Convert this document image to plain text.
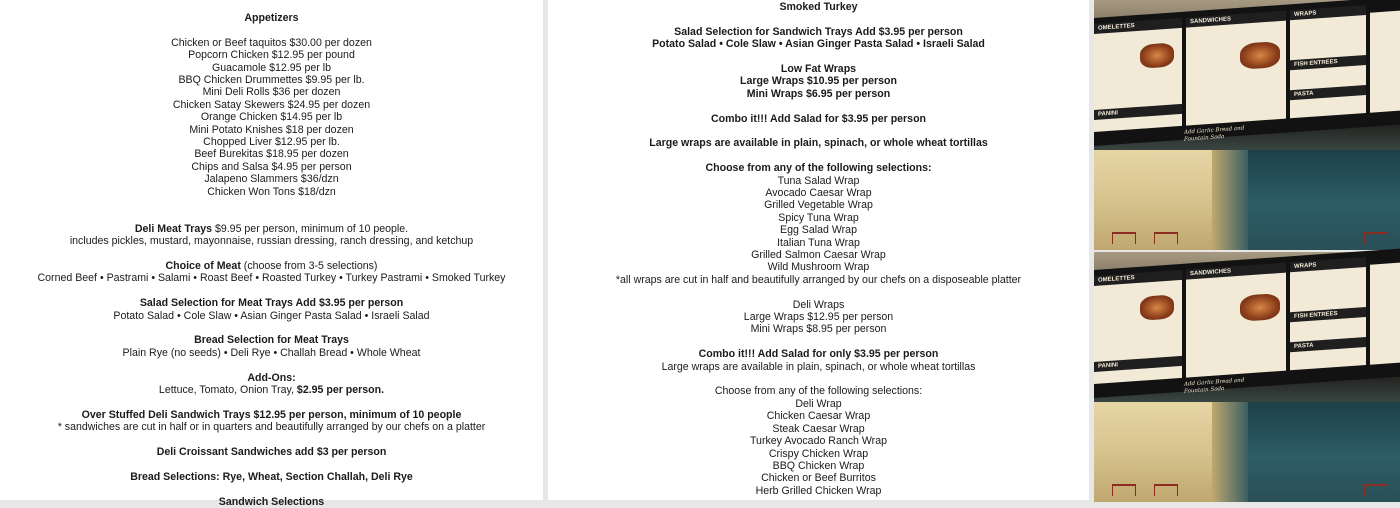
Appetizers
Chicken or Beef taquitos $30.00 per dozen
Popcorn Chicken $12.95 per pound
Guacamole $12.95 per lb
BBQ Chicken Drummettes $9.95 per lb.
Mini Deli Rolls $36 per dozen
Chicken Satay Skewers $24.95 per dozen
Orange Chicken $14.95 per lb
Mini Potato Knishes $18 per dozen
Chopped Liver $12.95 per lb.
Beef Burekitas $18.95 per dozen
Chips and Salsa $4.95 per person
Jalapeno Slammers $36/dzn
Chicken Won Tons $18/dzn
Deli Meat Trays $9.95 per person, minimum of 10 people.
includes pickles, mustard, mayonnaise, russian dressing, ranch dressing, and ketchup
Choice of Meat (choose from 3-5 selections)
Corned Beef • Pastrami • Salami • Roast Beef • Roasted Turkey • Turkey Pastrami • Smoked Turkey
Salad Selection for Meat Trays Add $3.95 per person
Potato Salad • Cole Slaw • Asian Ginger Pasta Salad • Israeli Salad
Bread Selection for Meat Trays
Plain Rye (no seeds) • Deli Rye • Challah Bread • Whole Wheat
Add-Ons:
Lettuce, Tomato, Onion Tray, $2.95 per person.
Over Stuffed Deli Sandwich Trays $12.95 per person, minimum of 10 people
* sandwiches are cut in half or in quarters and beautifully arranged by our chefs on a platter
Deli Croissant Sandwiches add $3 per person
Bread Selections: Rye, Wheat, Section Challah, Deli Rye
Sandwich Selections
Smoked Turkey
Salad Selection for Sandwich Trays Add $3.95 per person
Potato Salad • Cole Slaw • Asian Ginger Pasta Salad • Israeli Salad
Low Fat Wraps
Large Wraps $10.95 per person
Mini Wraps $6.95 per person
Combo it!!! Add Salad for $3.95 per person
Large wraps are available in plain, spinach, or whole wheat tortillas
Choose from any of the following selections:
Tuna Salad Wrap
Avocado Caesar Wrap
Grilled Vegetable Wrap
Spicy Tuna Wrap
Egg Salad Wrap
Italian Tuna Wrap
Grilled Salmon Caesar Wrap
Wild Mushroom Wrap
*all wraps are cut in half and beautifully arranged by our chefs on a disposeable platter
Deli Wraps
Large Wraps $12.95 per person
Mini Wraps $8.95 per person
Combo it!!! Add Salad for only $3.95 per person
Large wraps are available in plain, spinach, or whole wheat tortillas
Choose from any of the following selections:
Deli Wrap
Chicken Caesar Wrap
Steak Caesar Wrap
Turkey Avocado Ranch Wrap
Crispy Chicken Wrap
BBQ Chicken Wrap
Chicken or Beef Burritos
Herb Grilled Chicken Wrap
OMELETTES
SANDWICHES
WRAPS
FISH ENTREES
PASTA
PANINI
Add Garlic Bread and Fountain Soda
OMELETTES
SANDWICHES
WRAPS
FISH ENTREES
PASTA
PANINI
Add Garlic Bread and Fountain Soda
